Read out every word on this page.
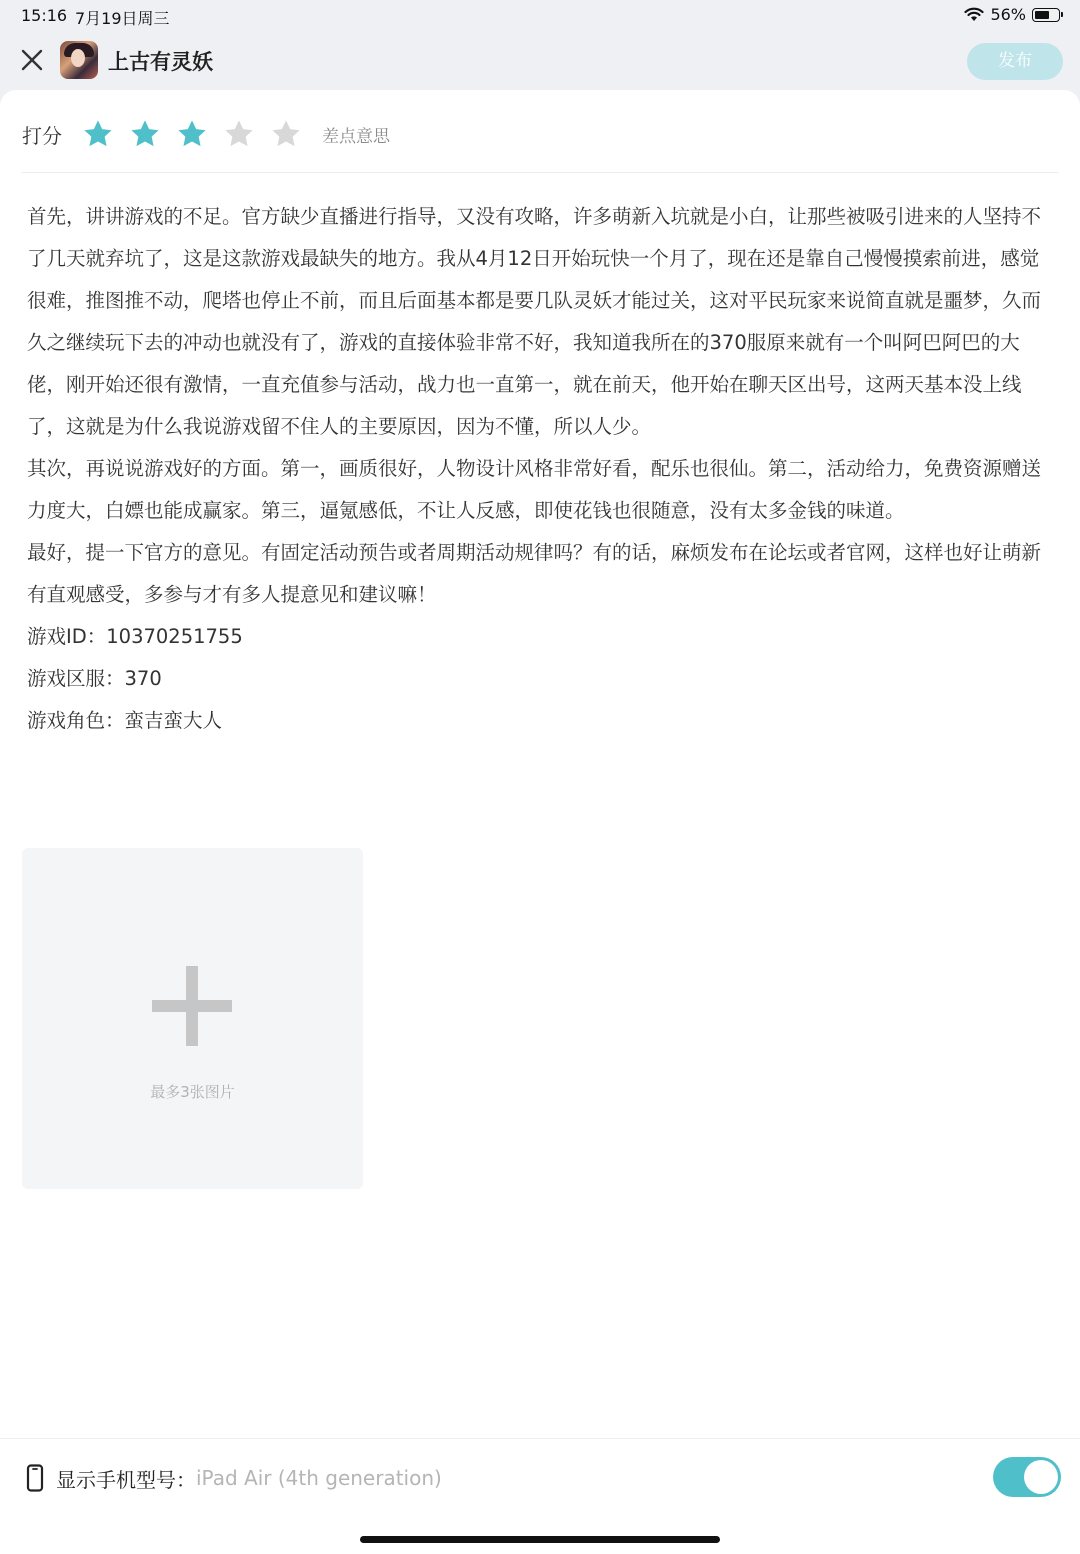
15:16 7月19日周三	56%
上古有灵妖	发布
打分	差点意思

首先，讲讲游戏的不足。官方缺少直播进行指导，又没有攻略，许多萌新入坑就是小白，让那些被吸引进来的人坚持不了几天就弃坑了，这是这款游戏最缺失的地方。我从4月12日开始玩快一个月了，现在还是靠自己慢慢摸索前进，感觉很难，推图推不动，爬塔也停止不前，而且后面基本都是要几队灵妖才能过关，这对平民玩家来说简直就是噩梦，久而久之继续玩下去的冲动也就没有了，游戏的直接体验非常不好，我知道我所在的370服原来就有一个叫阿巴阿巴的大佬，刚开始还很有激情，一直充值参与活动，战力也一直第一，就在前天，他开始在聊天区出号，这两天基本没上线了，这就是为什么我说游戏留不住人的主要原因，因为不懂，所以人少。

其次，再说说游戏好的方面。第一，画质很好，人物设计风格非常好看，配乐也很仙。第二，活动给力，免费资源赠送力度大，白嫖也能成赢家。第三，逼氪感低，不让人反感，即使花钱也很随意，没有太多金钱的味道。

最好，提一下官方的意见。有固定活动预告或者周期活动规律吗？有的话，麻烦发布在论坛或者官网，这样也好让萌新有直观感受，多参与才有多人提意见和建议嘛！

游戏ID：10370251755

游戏区服：370

游戏角色：蛮吉蛮大人

最多3张图片
显示手机型号： iPad Air (4th generation)
